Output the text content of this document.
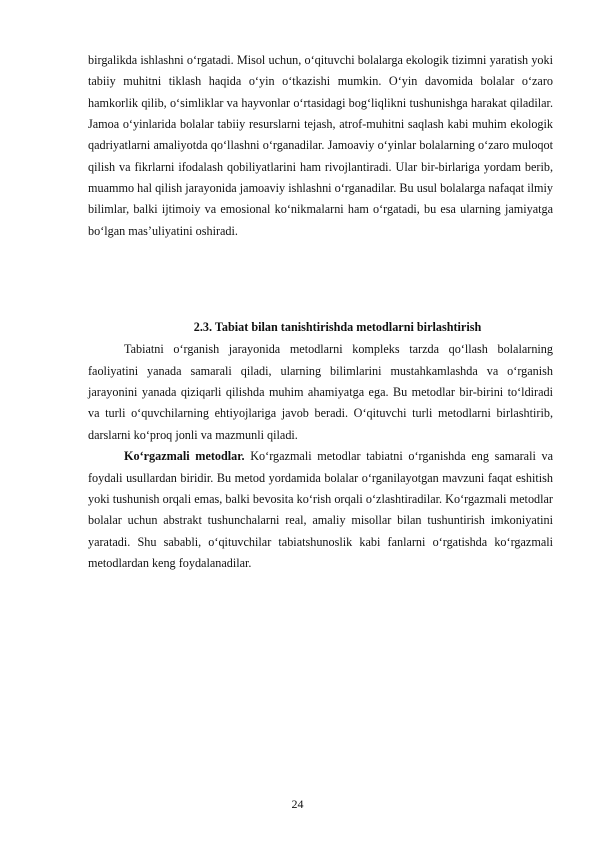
birgalikda ishlashni o‘rgatadi. Misol uchun, o‘qituvchi bolalarga ekologik tizimni yaratish yoki tabiiy muhitni tiklash haqida o‘yin o‘tkazishi mumkin. O‘yin davomida bolalar o‘zaro hamkorlik qilib, o‘simliklar va hayvonlar o‘rtasidagi bog‘liqlikni tushunishga harakat qiladilar. Jamoa o‘yinlarida bolalar tabiiy resurslarni tejash, atrof-muhitni saqlash kabi muhim ekologik qadriyatlarni amaliyotda qo‘llashni o‘rganadilar. Jamoaviy o‘yinlar bolalarning o‘zaro muloqot qilish va fikrlarni ifodalash qobiliyatlarini ham rivojlantiradi. Ular bir-birlariga yordam berib, muammo hal qilish jarayonida jamoaviy ishlashni o‘rganadilar. Bu usul bolalarga nafaqat ilmiy bilimlar, balki ijtimoiy va emosional ko‘nikmalarni ham o‘rgatadi, bu esa ularning jamiyatga bo‘lgan mas’uliyatini oshiradi.

2.3. Tabiat bilan tanishtirishda metodlarni birlashtirish

Tabiatni o‘rganish jarayonida metodlarni kompleks tarzda qo‘llash bolalarning faoliyatini yanada samarali qiladi, ularning bilimlarini mustahkamlashda va o‘rganish jarayonini yanada qiziqarli qilishda muhim ahamiyatga ega. Bu metodlar bir-birini to‘ldiradi va turli o‘quvchilarning ehtiyojlariga javob beradi. O‘qituvchi turli metodlarni birlashtirib, darslarni ko‘proq jonli va mazmunli qiladi.

Ko‘rgazmali metodlar. Ko‘rgazmali metodlar tabiatni o‘rganishda eng samarali va foydali usullardan biridir. Bu metod yordamida bolalar o‘rganilayotgan mavzuni faqat eshitish yoki tushunish orqali emas, balki bevosita ko‘rish orqali o‘zlashtiradilar. Ko‘rgazmali metodlar bolalar uchun abstrakt tushunchalarni real, amaliy misollar bilan tushuntirish imkoniyatini yaratadi. Shu sababli, o‘qituvchilar tabiatshunoslik kabi fanlarni o‘rgatishda ko‘rgazmali metodlardan keng foydalanadilar.

24
